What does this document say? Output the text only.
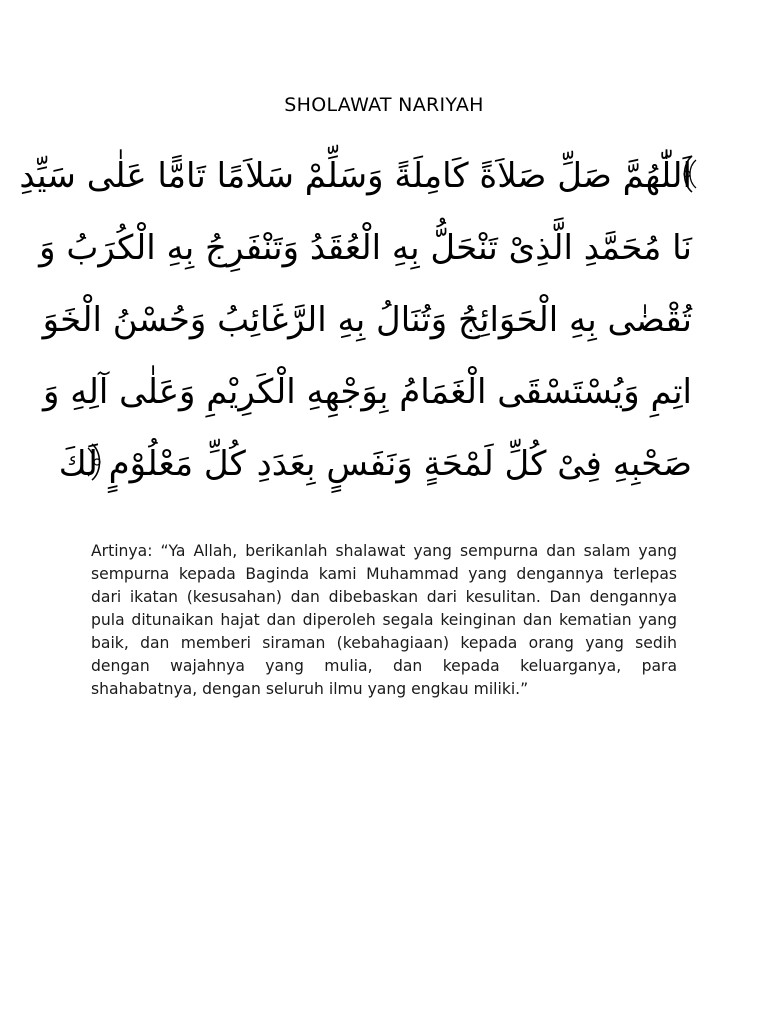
SHOLAWAT NARIYAH
اَللّٰهُمَّ صَلِّ صَلاَةً كَامِلَةً وَسَلِّمْ سَلاَمًا تَامًّا عَلٰى سَيِّدِ
نَا مُحَمَّدِ الَّذِىْ تَنْحَلُّ بِهِ الْعُقَدُ وَتَنْفَرِجُ بِهِ الْكُرَبُ وَ
تُقْضٰى بِهِ الْحَوَائِجُ وَتُنَالُ بِهِ الرَّغَائِبُ وَحُسْنُ الْخَوَ
اتِمِ وَيُسْتَسْقَى الْغَمَامُ بِوَجْهِهِ الْكَرِيْمِ وَعَلٰى آلِهِ وَ
صَحْبِهِ فِىْ كُلِّ لَمْحَةٍ وَنَفَسٍ بِعَدَدِ كُلِّ مَعْلُوْمٍ لَكَ

Artinya: “Ya Allah, berikanlah shalawat yang sempurna dan salam yang sempurna kepada Baginda kami Muhammad yang dengannya terlepas dari ikatan (kesusahan) dan dibebaskan dari kesulitan. Dan dengannya pula ditunaikan hajat dan diperoleh segala keinginan dan kematian yang baik, dan memberi siraman (kebahagiaan) kepada orang yang sedih dengan wajahnya yang mulia, dan kepada keluarganya, para shahabatnya, dengan seluruh ilmu yang engkau miliki.”
